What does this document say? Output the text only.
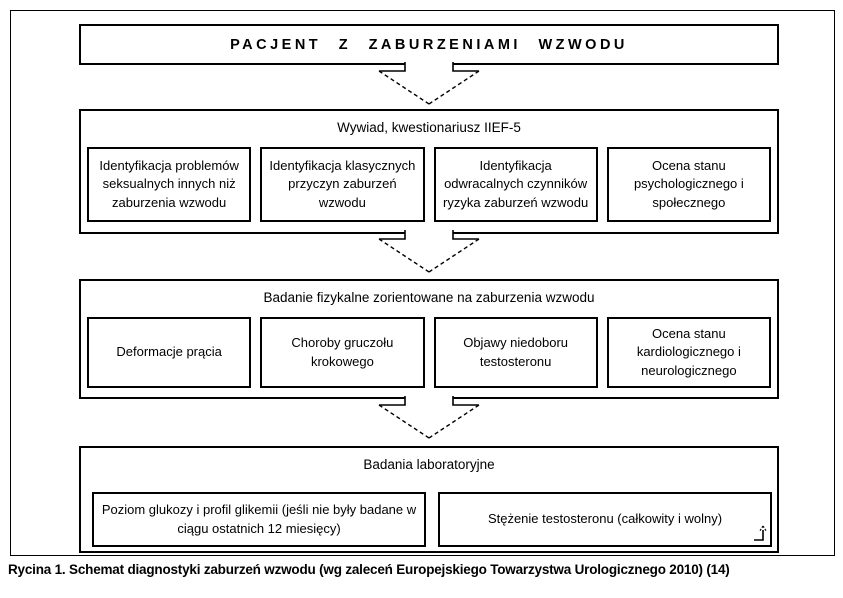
PACJENT Z ZABURZENIAMI WZWODU
Wywiad, kwestionariusz IIEF-5
Identyfikacja problemów seksualnych innych niż zaburzenia wzwodu
Identyfikacja klasycznych przyczyn zaburzeń wzwodu
Identyfikacja odwracalnych czynników ryzyka zaburzeń wzwodu
Ocena stanu psychologicznego i społecznego
Badanie fizykalne zorientowane na zaburzenia wzwodu
Deformacje prącia
Choroby gruczołu krokowego
Objawy niedoboru testosteronu
Ocena stanu kardiologicznego i neurologicznego
Badania laboratoryjne
Poziom glukozy i profil glikemii (jeśli nie były badane w ciągu ostatnich 12 miesięcy)
Stężenie testosteronu (całkowity i wolny)
Rycina 1. Schemat diagnostyki zaburzeń wzwodu (wg zaleceń Europejskiego Towarzystwa Urologicznego 2010) (14)
